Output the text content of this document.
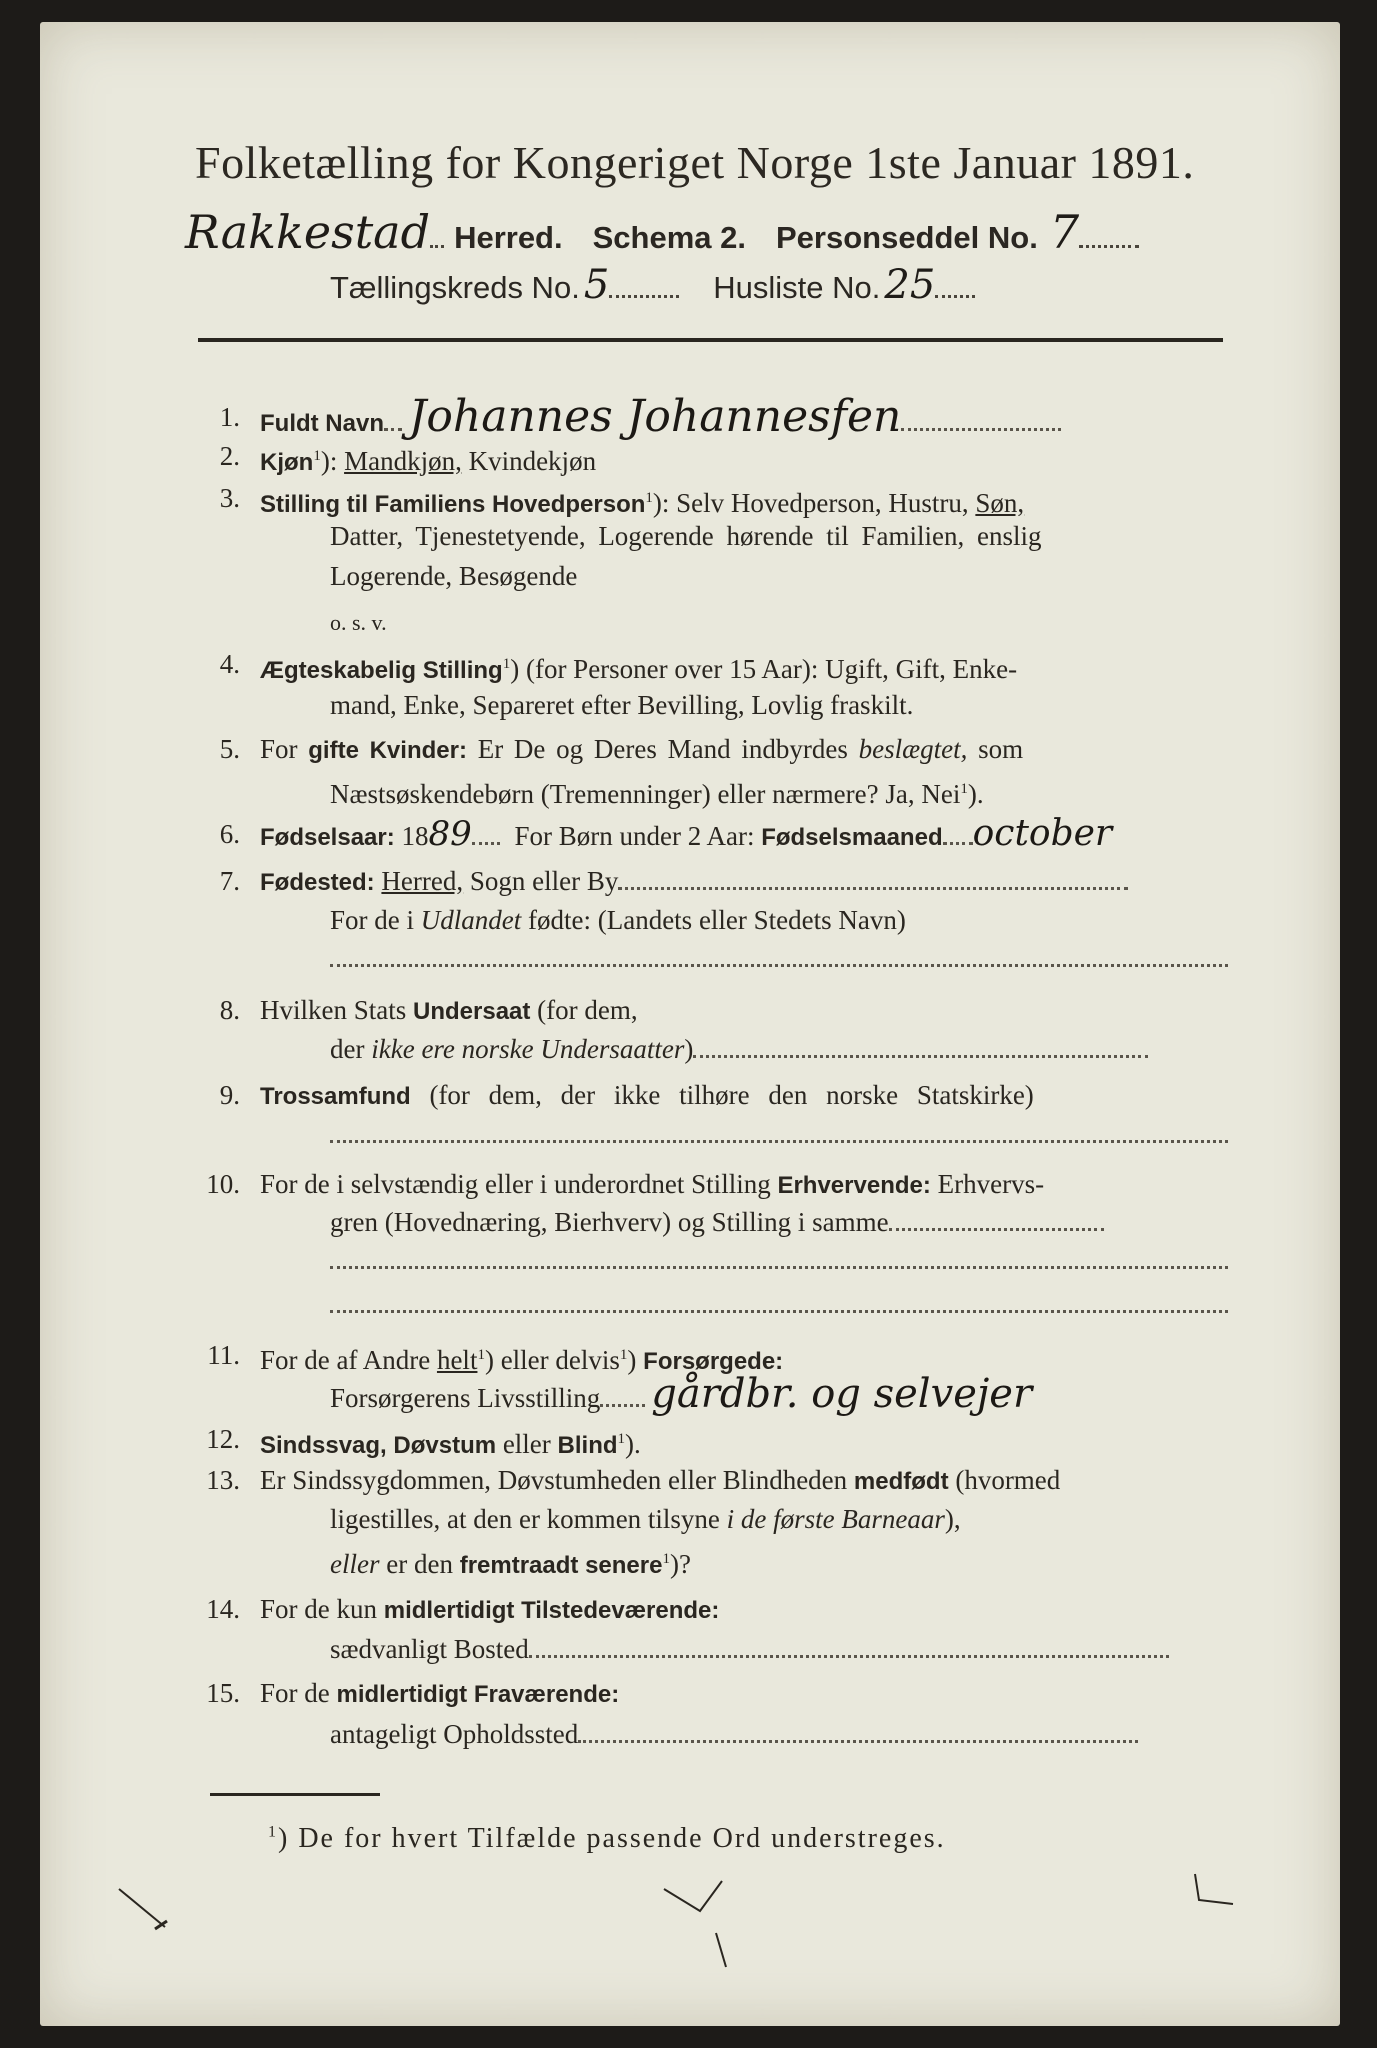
Folketælling for Kongeriget Norge 1ste Januar 1891.
Rakkestad Herred. Schema 2. Personseddel No. 7
Tællingskreds No. 5	Husliste No. 25
1. Fuldt Navn Johannes Johannesfen
2. Kjøn$^1$): Mandkjøn, Kvindekjøn
3. Stilling til Familiens Hovedperson$^1$): Selv Hovedperson, Hustru, Søn,
Datter, Tjenestetyende, Logerende hørende til Familien, enslig
Logerende, Besøgende
o. s. v.
4. Ægteskabelig Stilling$^1$) (for Personer over 15 Aar): Ugift, Gift, Enke-
mand, Enke, Separeret efter Bevilling, Lovlig fraskilt.
5. For gifte Kvinder: Er De og Deres Mand indbyrdes beslægtet, som
Næstsøskendebørn (Tremenninger) eller nærmere? Ja, Nei$^1$).
6. Fødselsaar: 1889 For Børn under 2 Aar: Fødselsmaaned october
7. Fødested: Herred, Sogn eller By
For de i Udlandet fødte: (Landets eller Stedets Navn)
8. Hvilken Stats Undersaat (for dem,
der ikke ere norske Undersaatter)
9. Trossamfund (for dem, der ikke tilhøre den norske Statskirke)
10. For de i selvstændig eller i underordnet Stilling Erhvervende: Erhvervs-
gren (Hovednæring, Bierhverv) og Stilling i samme
11. For de af Andre helt$^1$) eller delvis$^1$) Forsørgede:
Forsørgerens Livsstilling gårdbr. og selvejer
12. Sindssvag, Døvstum eller Blind$^1$).
13. Er Sindssygdommen, Døvstumheden eller Blindheden medfødt (hvormed
ligestilles, at den er kommen tilsyne i de første Barneaar),
eller er den fremtraadt senere$^1$)?
14. For de kun midlertidigt Tilstedeværende:
sædvanligt Bosted
15. For de midlertidigt Fraværende:
antageligt Opholdssted
$^1$) De for hvert Tilfælde passende Ord understreges.
